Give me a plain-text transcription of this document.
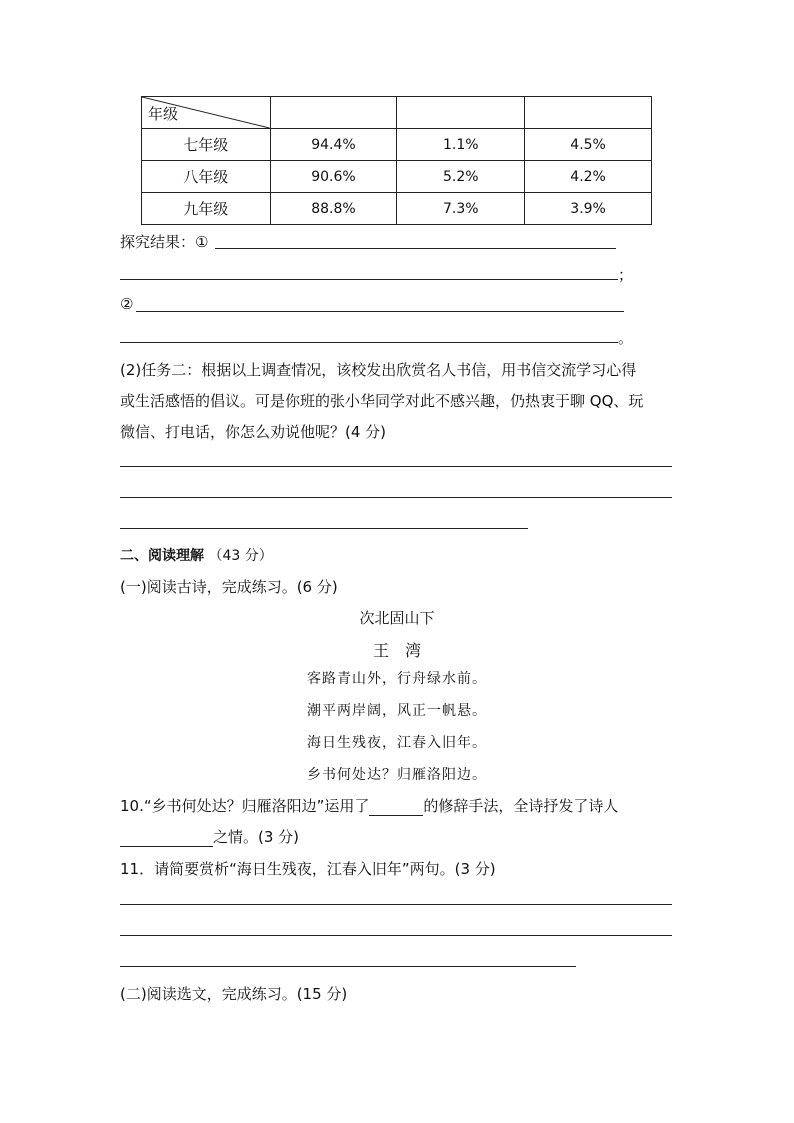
年级			

七年级	94.4%	1.1%	4.5%
八年级	90.6%	5.2%	4.2%
九年级	88.8%	7.3%	3.9%
探究结果：①
；
②
。
(2)任务二：根据以上调查情况，该校发出欣赏名人书信，用书信交流学习心得
或生活感悟的倡议。可是你班的张小华同学对此不感兴趣，仍热衷于聊 QQ、玩
微信、打电话，你怎么劝说他呢？(4 分)
二、阅读理解 （43 分）
(一)阅读古诗，完成练习。(6 分)
次北固山下
王　湾
客路青山外，行舟绿水前。
潮平两岸阔，风正一帆悬。
海日生残夜，江春入旧年。
乡书何处达？归雁洛阳边。
10.“乡书何处达？归雁洛阳边”运用了	的修辞手法，全诗抒发了诗人
之情。(3 分)
11．请简要赏析“海日生残夜，江春入旧年”两句。(3 分)
(二)阅读选文，完成练习。(15 分)
